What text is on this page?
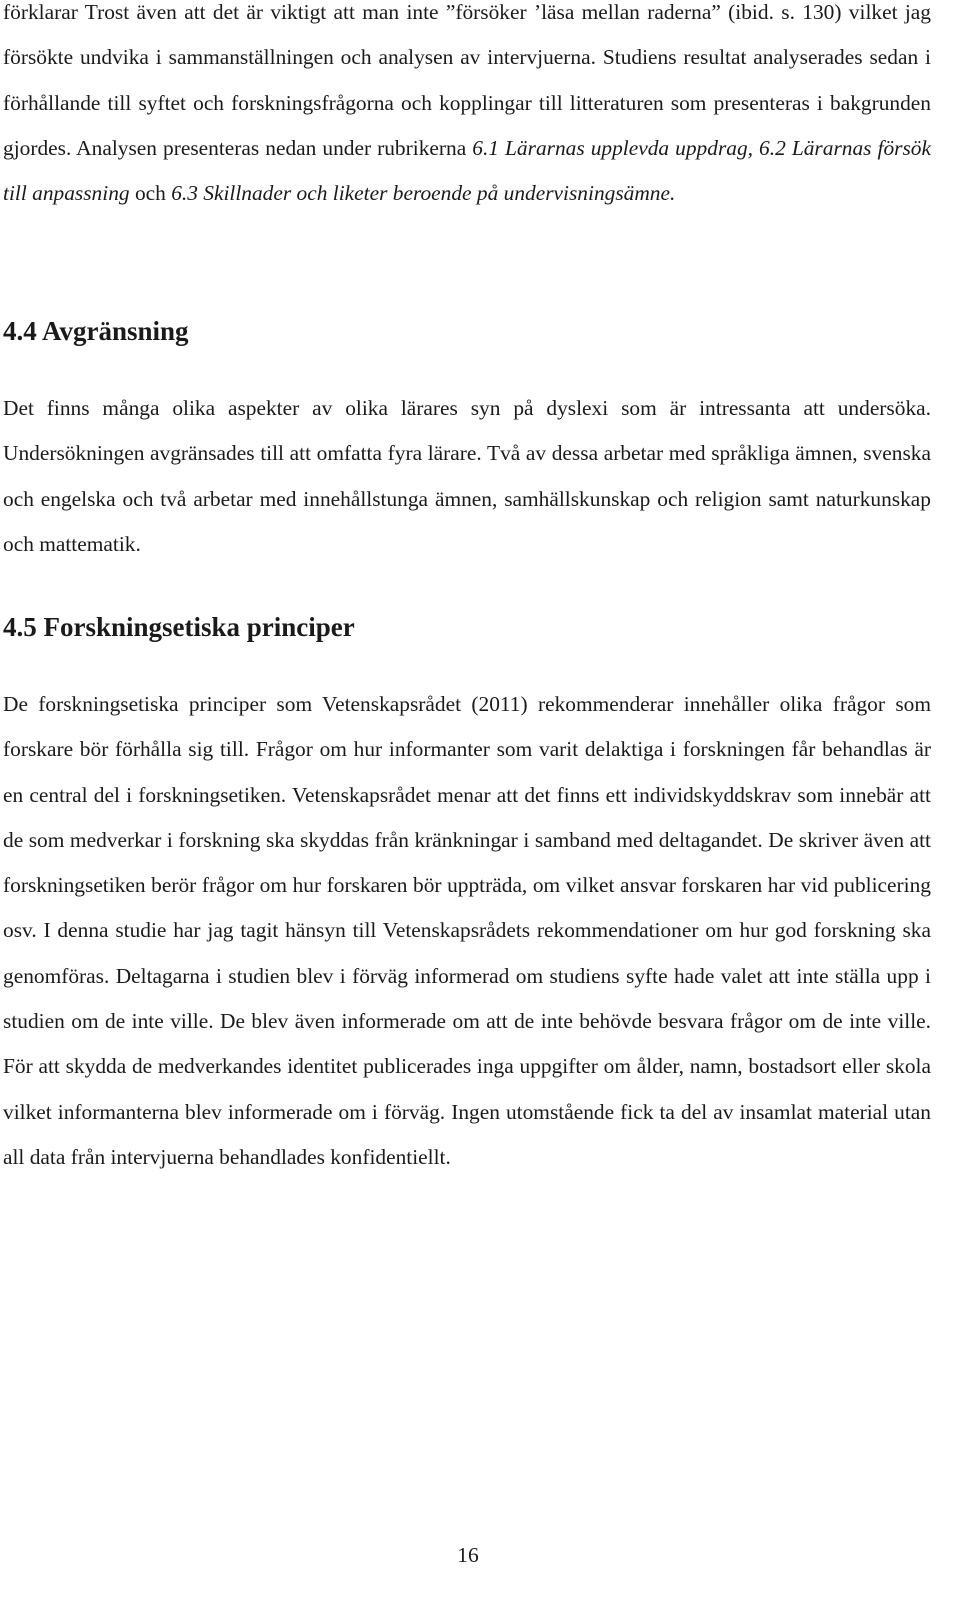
förklarar Trost även att det är viktigt att man inte ”försöker ’läsa mellan raderna” (ibid. s. 130) vilket jag försökte undvika i sammanställningen och analysen av intervjuerna. Studiens resultat analyserades sedan i förhållande till syftet och forskningsfrågorna och kopplingar till litteraturen som presenteras i bakgrunden gjordes. Analysen presenteras nedan under rubrikerna 6.1 Lärarnas upplevda uppdrag, 6.2 Lärarnas försök till anpassning och 6.3 Skillnader och liketer beroende på undervisningsämne.

4.4 Avgränsning

Det finns många olika aspekter av olika lärares syn på dyslexi som är intressanta att undersöka. Undersökningen avgränsades till att omfatta fyra lärare. Två av dessa arbetar med språkliga ämnen, svenska och engelska och två arbetar med innehållstunga ämnen, samhällskunskap och religion samt naturkunskap och mattematik.

4.5 Forskningsetiska principer

De forskningsetiska principer som Vetenskapsrådet (2011) rekommenderar innehåller olika frågor som forskare bör förhålla sig till. Frågor om hur informanter som varit delaktiga i forskningen får behandlas är en central del i forskningsetiken. Vetenskapsrådet menar att det finns ett individskyddskrav som innebär att de som medverkar i forskning ska skyddas från kränkningar i samband med deltagandet. De skriver även att forskningsetiken berör frågor om hur forskaren bör uppträda, om vilket ansvar forskaren har vid publicering osv. I denna studie har jag tagit hänsyn till Vetenskapsrådets rekommendationer om hur god forskning ska genomföras. Deltagarna i studien blev i förväg informerad om studiens syfte hade valet att inte ställa upp i studien om de inte ville. De blev även informerade om att de inte behövde besvara frågor om de inte ville. För att skydda de medverkandes identitet publicerades inga uppgifter om ålder, namn, bostadsort eller skola vilket informanterna blev informerade om i förväg. Ingen utomstående fick ta del av insamlat material utan all data från intervjuerna behandlades konfidentiellt.

16
